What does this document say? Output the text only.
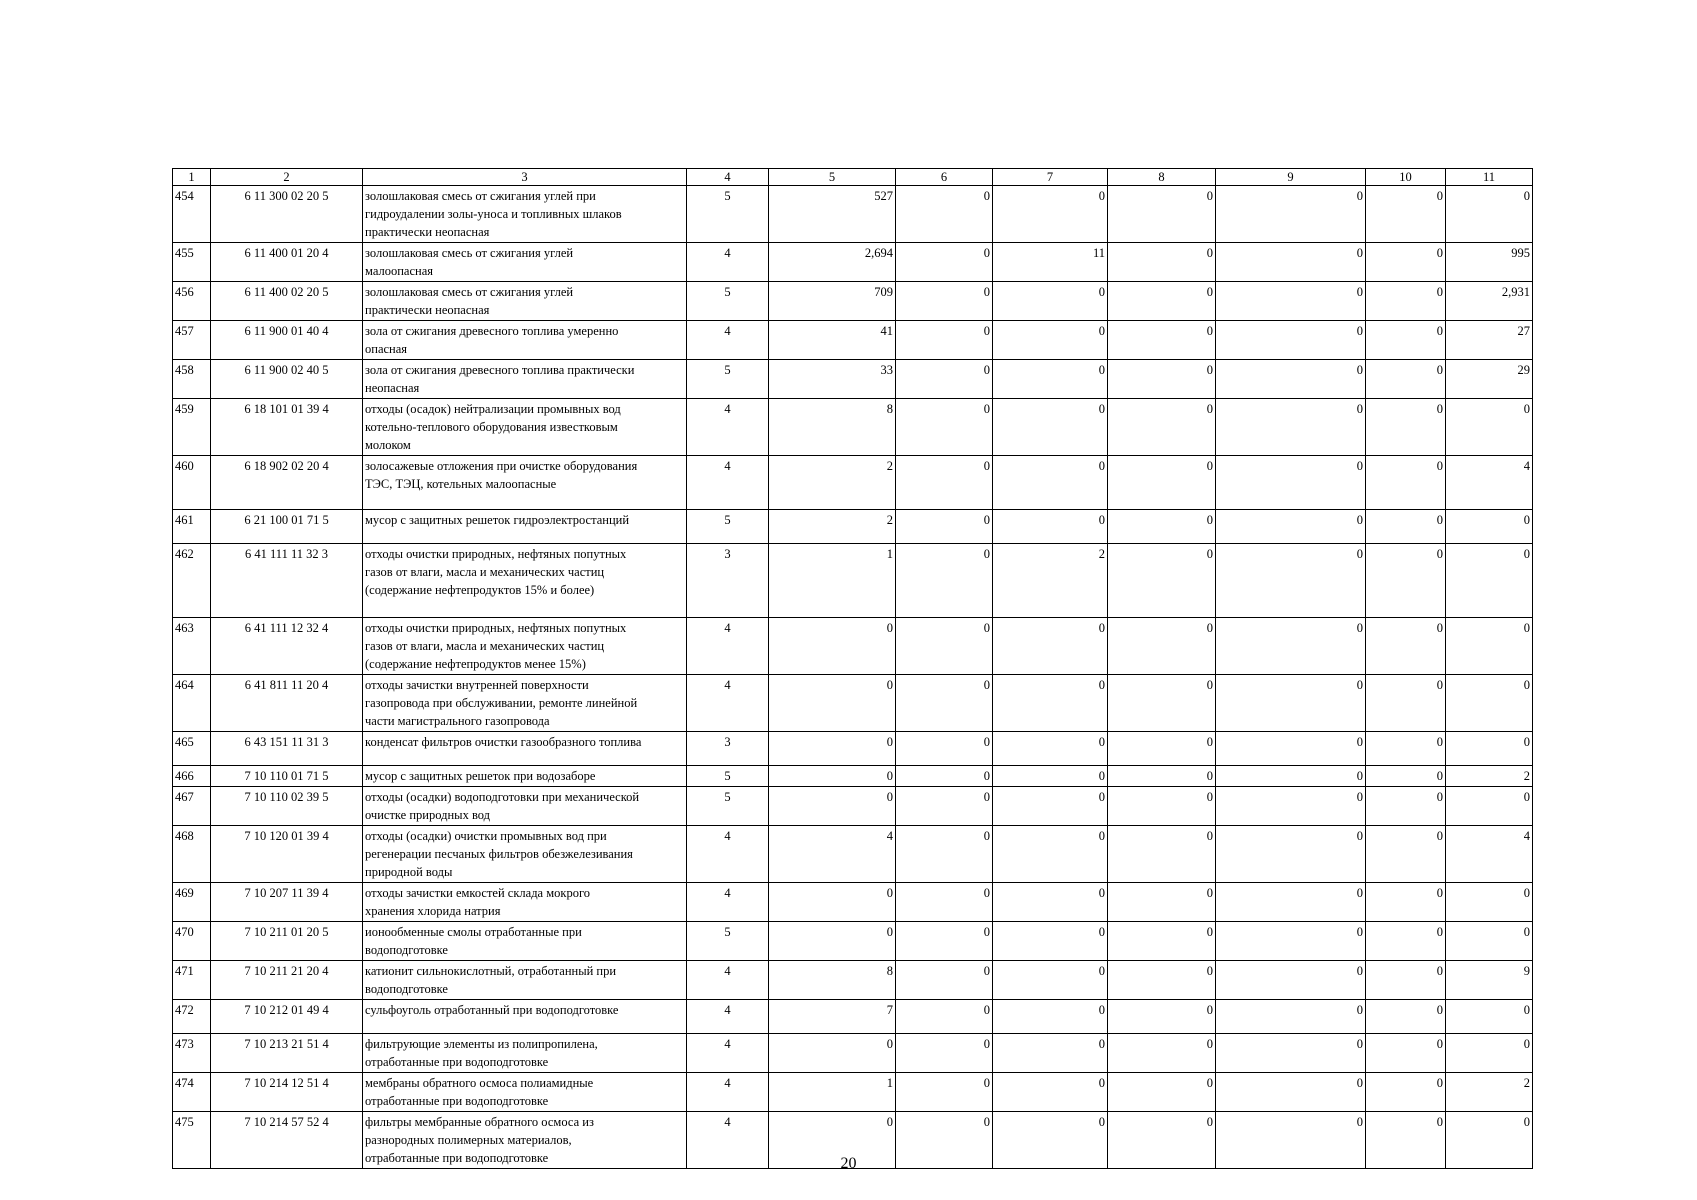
1	2	3	4	5	6	7	8	9	10	11
454	6 11 300 02 20 5	золошлаковая смесь от сжигания углей при
гидроудалении золы-уноса и топливных шлаков
практически неопасная	5	527	0	0	0	0	0	0
455	6 11 400 01 20 4	золошлаковая смесь от сжигания углей
малоопасная	4	2,694	0	11	0	0	0	995
456	6 11 400 02 20 5	золошлаковая смесь от сжигания углей
практически неопасная	5	709	0	0	0	0	0	2,931
457	6 11 900 01 40 4	зола от сжигания древесного топлива умеренно
опасная	4	41	0	0	0	0	0	27
458	6 11 900 02 40 5	зола от сжигания древесного топлива практически
неопасная	5	33	0	0	0	0	0	29
459	6 18 101 01 39 4	отходы (осадок) нейтрализации промывных вод
котельно-теплового оборудования известковым
молоком	4	8	0	0	0	0	0	0
460	6 18 902 02 20 4	золосажевые отложения при очистке оборудования
ТЭС, ТЭЦ, котельных малоопасные	4	2	0	0	0	0	0	4
461	6 21 100 01 71 5	мусор с защитных решеток гидроэлектростанций	5	2	0	0	0	0	0	0
462	6 41 111 11 32 3	отходы очистки природных, нефтяных попутных
газов от влаги, масла и механических частиц
(содержание нефтепродуктов 15% и более)	3	1	0	2	0	0	0	0
463	6 41 111 12 32 4	отходы очистки природных, нефтяных попутных
газов от влаги, масла и механических частиц
(содержание нефтепродуктов менее 15%)	4	0	0	0	0	0	0	0
464	6 41 811 11 20 4	отходы зачистки внутренней поверхности
газопровода при обслуживании, ремонте линейной
части магистрального газопровода	4	0	0	0	0	0	0	0
465	6 43 151 11 31 3	конденсат фильтров очистки газообразного топлива	3	0	0	0	0	0	0	0
466	7 10 110 01 71 5	мусор с защитных решеток при водозаборе	5	0	0	0	0	0	0	2
467	7 10 110 02 39 5	отходы (осадки) водоподготовки при механической
очистке природных вод	5	0	0	0	0	0	0	0
468	7 10 120 01 39 4	отходы (осадки) очистки промывных вод при
регенерации песчаных фильтров обезжелезивания
природной воды	4	4	0	0	0	0	0	4
469	7 10 207 11 39 4	отходы зачистки емкостей склада мокрого
хранения хлорида натрия	4	0	0	0	0	0	0	0
470	7 10 211 01 20 5	ионообменные смолы отработанные при
водоподготовке	5	0	0	0	0	0	0	0
471	7 10 211 21 20 4	катионит сильнокислотный, отработанный при
водоподготовке	4	8	0	0	0	0	0	9
472	7 10 212 01 49 4	сульфоуголь отработанный при водоподготовке	4	7	0	0	0	0	0	0
473	7 10 213 21 51 4	фильтрующие элементы из полипропилена,
отработанные при водоподготовке	4	0	0	0	0	0	0	0
474	7 10 214 12 51 4	мембраны обратного осмоса полиамидные
отработанные при водоподготовке	4	1	0	0	0	0	0	2
475	7 10 214 57 52 4	фильтры мембранные обратного осмоса из
разнородных полимерных материалов,
отработанные при водоподготовке	4	0	0	0	0	0	0	0
20
